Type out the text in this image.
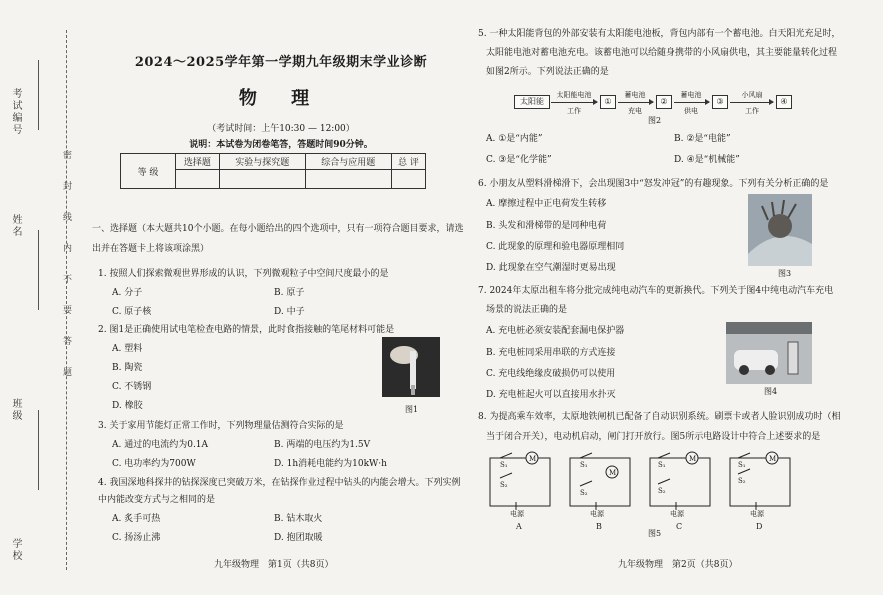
考试编号
姓名
班级
学校
密封线内不要答题
2024～2025学年第一学期九年级期末学业诊断
物 理
（考试时间：上午10:30 — 12:00）
说明：本试卷为闭卷笔答，答题时间90分钟。
等 级	选择题	实验与探究题	综合与应用题	总 评

一、选择题（本大题共10个小题。在每小题给出的四个选项中，只有一项符合题目要求，请选
出并在答题卡上将该项涂黑）
1. 按照人们探索微观世界形成的认识，下列微观粒子中空间尺度最小的是
A. 分子	B. 原子
C. 原子核	D. 中子
2. 图1是正确使用试电笔检查电路的情景，此时食指接触的笔尾材料可能是
A. 塑料
B. 陶瓷
C. 不锈钢
D. 橡胶	图1
3. 关于家用节能灯正常工作时，下列物理量估测符合实际的是
A. 通过的电流约为0.1A	B. 两端的电压约为1.5V
C. 电功率约为700W	D. 1h消耗电能约为10kW·h
4. 我国深地科探井的钻探深度已突破万米，在钻探作业过程中钻头的内能会增大。下列实例
中内能改变方式与之相同的是
A. 炙手可热	B. 钻木取火
C. 扬汤止沸	D. 抱团取暖
九年级物理　第1页（共8页）
5. 一种太阳能背包的外部安装有太阳能电池板，背包内部有一个蓄电池。白天阳光充足时，
太阳能电池对蓄电池充电。该蓄电池可以给随身携带的小风扇供电，其主要能量转化过程
如图2所示。下列说法正确的是
太阳能	①	②	③	④
太阳能电池
工作
蓄电池
充电
蓄电池
供电
小风扇
工作
图2
A. ①是“内能”	B. ②是“电能”
C. ③是“化学能”	D. ④是“机械能”
6. 小朋友从塑料滑梯滑下，会出现图3中“怒发冲冠”的有趣现象。下列有关分析正确的是
A. 摩擦过程中正电荷发生转移
B. 头发和滑梯带的是同种电荷
C. 此现象的原理和验电器原理相同
D. 此现象在空气潮湿时更易出现
图3
7. 2024年太原出租车将分批完成纯电动汽车的更新换代。下列关于图4中纯电动汽车充电
场景的说法正确的是
A. 充电桩必须安装配套漏电保护器
B. 充电桩同采用串联的方式连接
C. 充电线绝缘皮破损仍可以使用
D. 充电桩起火可以直接用水扑灭	图4
8. 为提高乘车效率，太原地铁闸机已配备了自动识别系统。刷票卡或者人脸识别成功时（相
当于闭合开关），电动机启动，闸门打开放行。图5所示电路设计中符合上述要求的是
M
M
M	M
S₁
S₂
S₁
S₂
S₁
S₂
S₁
S₂
电源	电源	电源	电源
A	B	C	D
图5
九年级物理　第2页（共8页）
